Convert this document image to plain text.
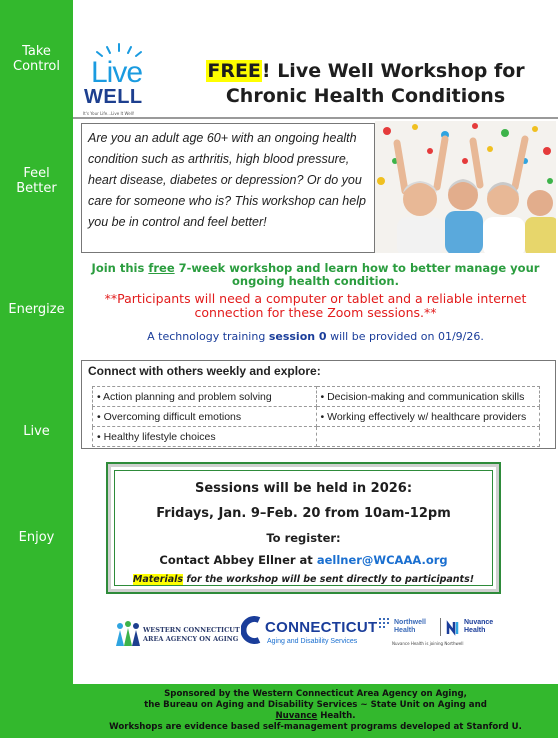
Take
Control
Feel
Better
Energize
Live
Enjoy
Live
WELL
It's Your Life...Live It Well!
FREE! Live Well Workshop for
Chronic Health Conditions
Are you an adult age 60+ with an ongoing health condition such as arthritis, high blood pressure, heart disease, diabetes or depression? Or do you care for someone who is? This workshop can help you be in control and feel better!
Join this free 7-week workshop and learn how to better manage your ongoing health condition.
**Participants will need a computer or tablet and a reliable internet connection for these Zoom sessions.**
A technology training session 0 will be provided on 01/9/26.
Connect with others weekly and explore:
• Action planning and problem solving	• Decision-making and communication skills
• Overcoming difficult emotions	• Working effectively w/ healthcare providers
• Healthy lifestyle choices	
Sessions will be held in 2026:
Fridays, Jan. 9–Feb. 20 from 10am-12pm
To register:
Contact Abbey Ellner at aellner@WCAAA.org
Materials for the workshop will be sent directly to participants!
WESTERN CONNECTICUT
AREA AGENCY ON AGING
CONNECTICUT
Aging and Disability Services
Northwell Health
Nuvance Health
Nuvance Health is joining Northwell
Sponsored by the Western Connecticut Area Agency on Aging,
the Bureau on Aging and Disability Services ~ State Unit on Aging and
Nuvance Health.
Workshops are evidence based self-management programs developed at Stanford U.
